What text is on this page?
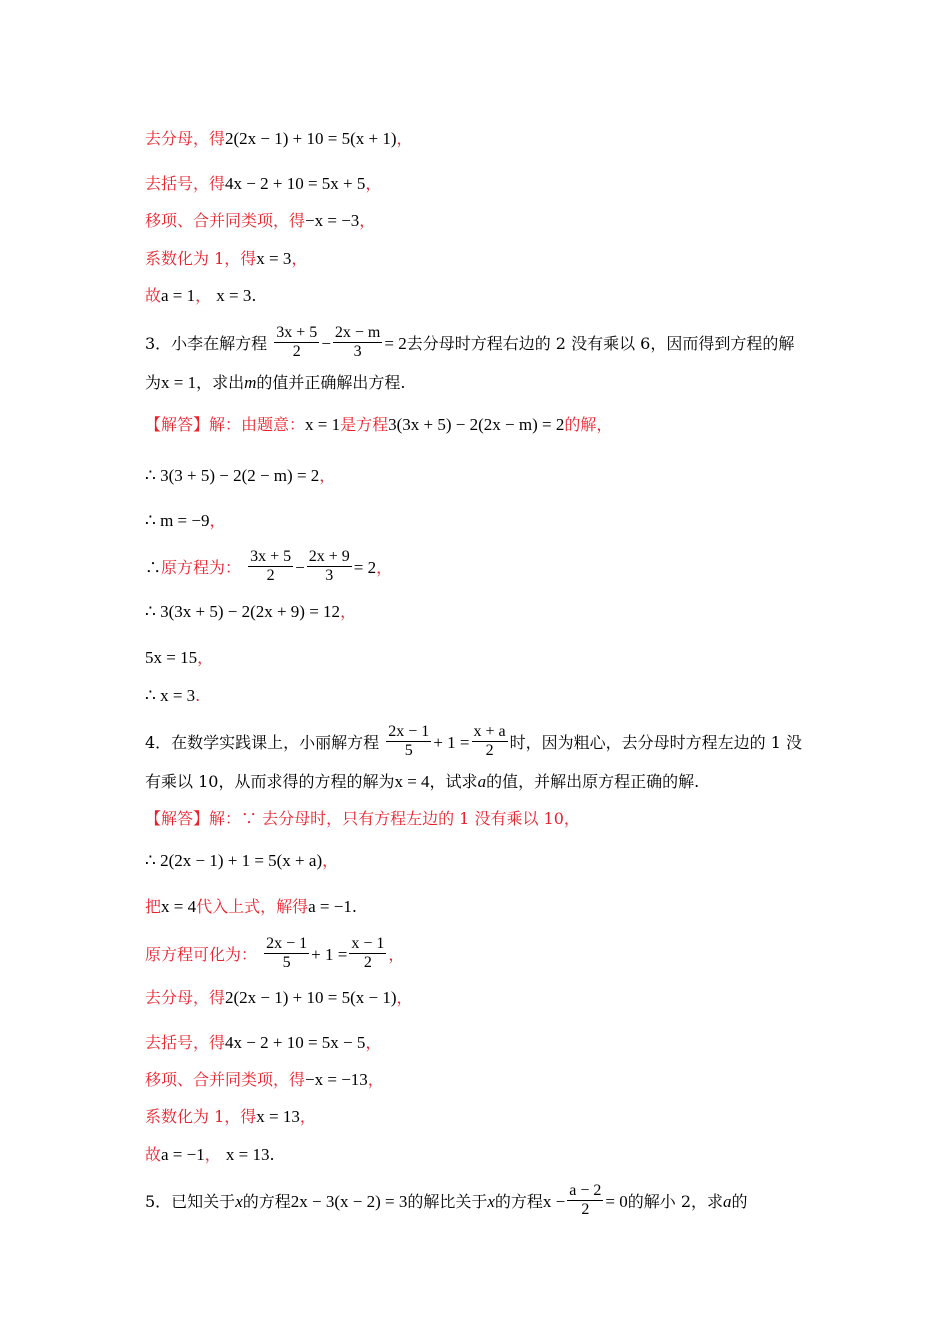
去分母，得2(2x − 1) + 10 = 5(x + 1)，
去括号，得4x − 2 + 10 = 5x + 5，
移项、合并同类项，得−x = −3，
系数化为 1，得x = 3，
故a = 1， x = 3.
3．小李在解方程 $\frac{3x + 5}{2} - \frac{2x - m}{3} = 2$去分母时方程右边的 2 没有乘以 6，因而得到方程的解
为x = 1，求出m的值并正确解出方程.
【解答】解：由题意：x = 1是方程3(3x + 5) − 2(2x − m) = 2的解，
∴ 3(3 + 5) − 2(2 − m) = 2，
∴ m = −9，
∴原方程为： $\frac{3x + 5}{2} - \frac{2x + 9}{3} = 2$，
∴ 3(3x + 5) − 2(2x + 9) = 12，
5x = 15，
∴ x = 3.
4．在数学实践课上，小丽解方程 $\frac{2x - 1}{5} + 1 = \frac{x + a}{2}$ 时，因为粗心，去分母时方程左边的 1 没
有乘以 10，从而求得的方程的解为x = 4，试求a的值，并解出原方程正确的解.
【解答】解：∵ 去分母时，只有方程左边的 1 没有乘以 10，
∴ 2(2x − 1) + 1 = 5(x + a)，
把x = 4代入上式，解得a = −1.
原方程可化为： $\frac{2x - 1}{5} + 1 = \frac{x - 1}{2}$ ，
去分母，得2(2x − 1) + 10 = 5(x − 1)，
去括号，得4x − 2 + 10 = 5x − 5，
移项、合并同类项，得−x = −13，
系数化为 1，得x = 13，
故a = −1， x = 13.
5．已知关于x的方程2x − 3(x − 2) = 3的解比关于x的方程$x - \frac{a - 2}{2} = 0$的解小 2，求a的
